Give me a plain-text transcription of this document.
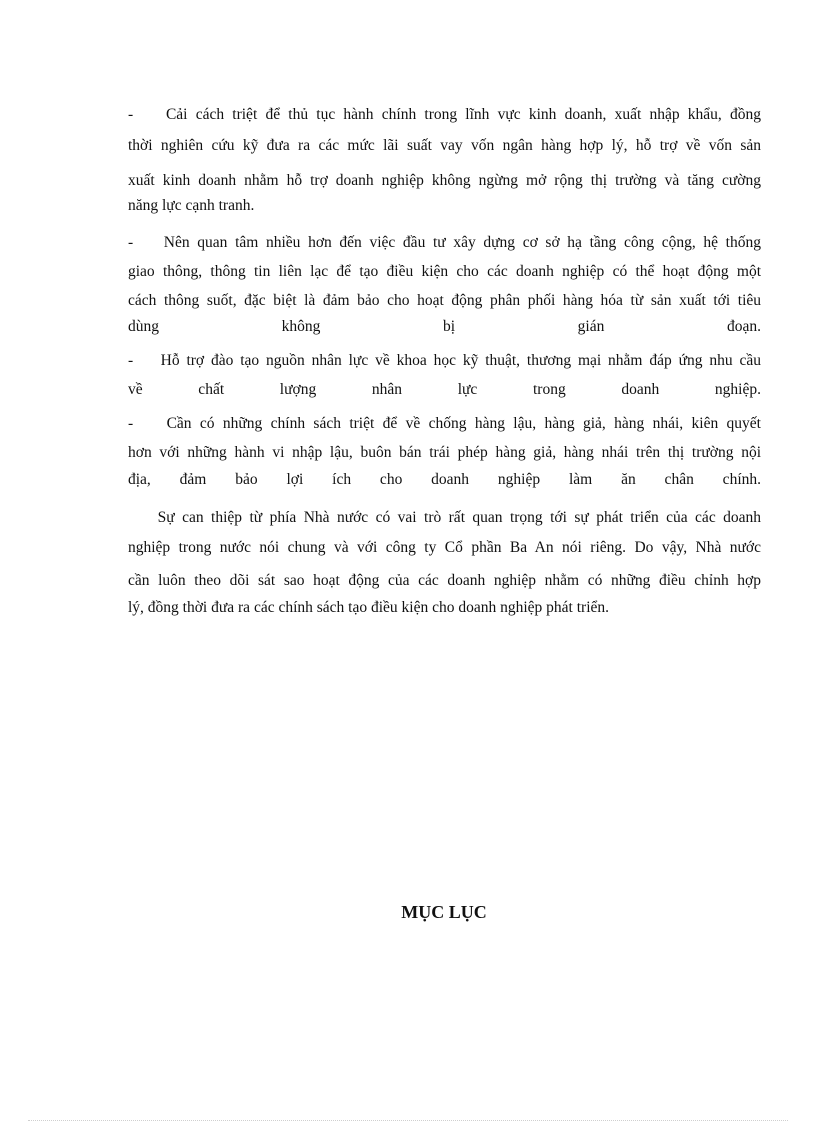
-    Cải cách triệt để thủ tục hành chính trong lĩnh vực kinh doanh, xuất nhập khẩu, đồng
thời nghiên cứu kỹ đưa ra các mức lãi suất vay vốn ngân hàng hợp lý, hỗ trợ về vốn sản
xuất kinh doanh nhằm hỗ trợ doanh nghiệp không ngừng mở rộng thị trường và tăng cường
năng lực cạnh tranh.
-    Nên quan tâm nhiều hơn đến việc đầu tư xây dựng cơ sở hạ tầng công cộng, hệ thống
giao thông, thông tin liên lạc để tạo điều kiện cho các doanh nghiệp có thể hoạt động một
cách thông suốt, đặc biệt là đảm bảo cho hoạt động phân phối hàng hóa từ sản xuất tới tiêu
dùng không bị gián đoạn.
-    Hỗ trợ đào tạo nguồn nhân lực về khoa học kỹ thuật, thương mại nhằm đáp ứng nhu cầu
về chất lượng nhân lực trong doanh nghiệp.
-    Cần có những chính sách triệt để về chống hàng lậu, hàng giả, hàng nhái, kiên quyết
hơn với những hành vi nhập lậu, buôn bán trái phép hàng giả, hàng nhái trên thị trường nội
địa, đảm bảo lợi ích cho doanh nghiệp làm ăn chân chính.
Sự can thiệp từ phía Nhà nước có vai trò rất quan trọng tới sự phát triển của các doanh
nghiệp trong nước nói chung và với công ty Cổ phần Ba An nói riêng. Do vậy, Nhà nước
cần luôn theo dõi sát sao hoạt động của các doanh nghiệp nhằm có những điều chỉnh hợp
lý, đồng thời đưa ra các chính sách tạo điều kiện cho doanh nghiệp phát triển.
MỤC LỤC
